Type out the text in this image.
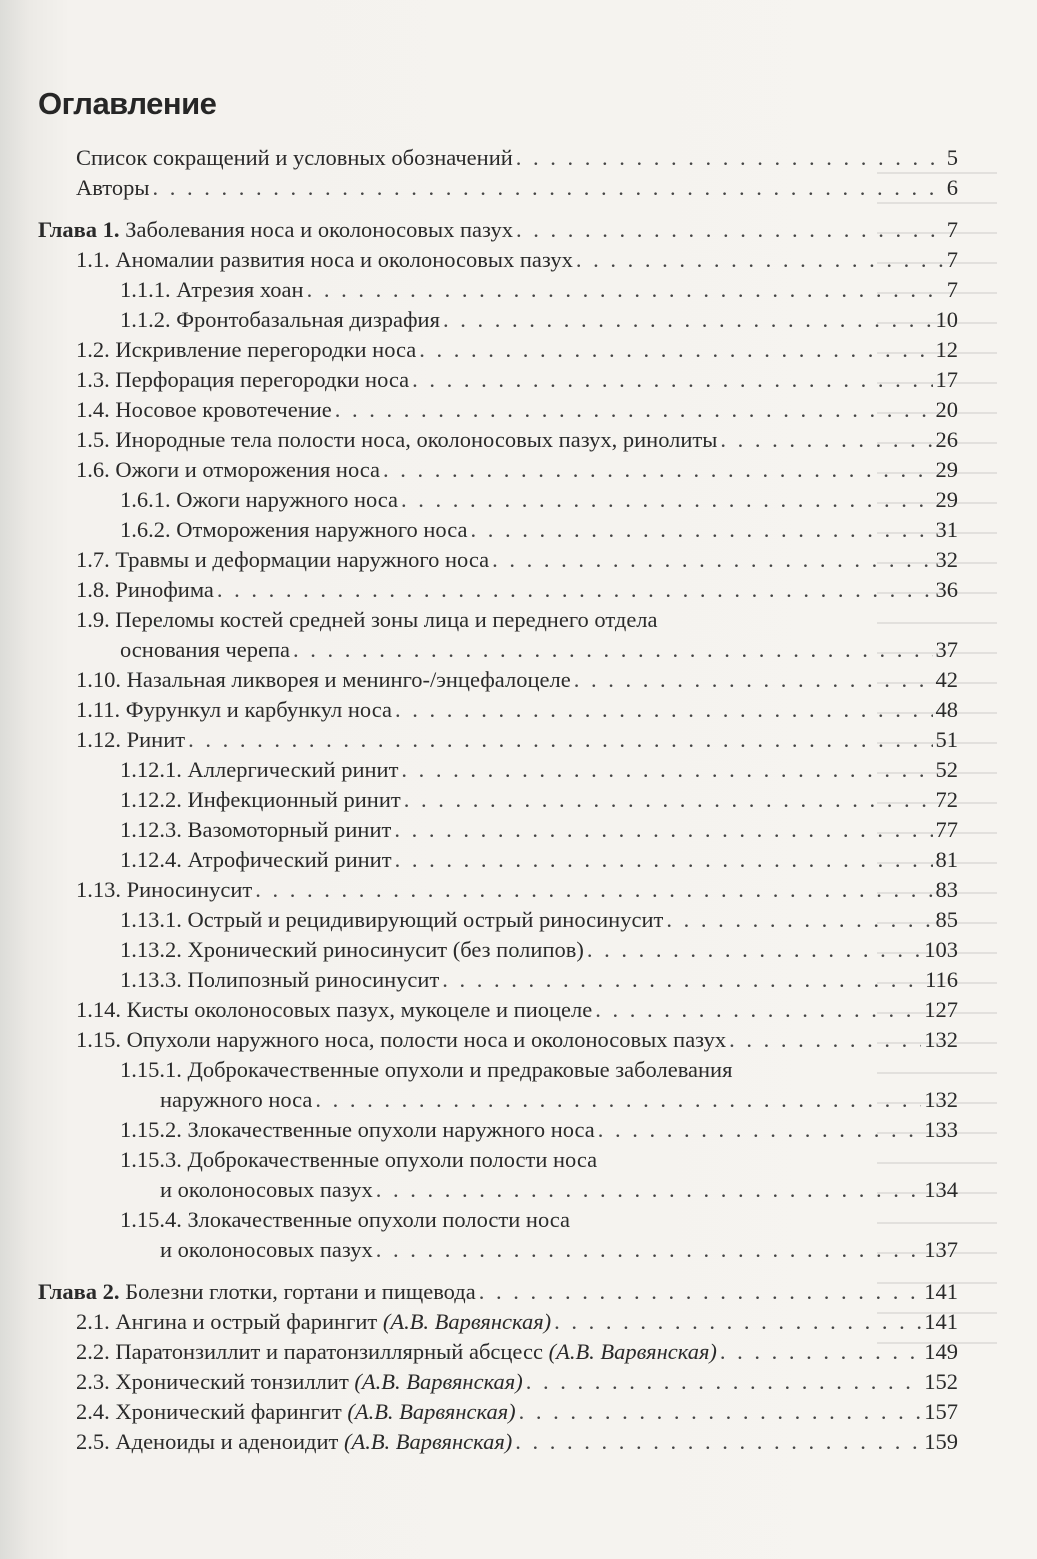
Оглавление
Список сокращений и условных обозначений . . .	5
Авторы . . .	6
Глава 1. Заболевания носа и околоносовых пазух . . .	7
1.1. Аномалии развития носа и околоносовых пазух . . .	7
1.1.1. Атрезия хоан . . .	7
1.1.2. Фронтобазальная дизрафия . . .	10
1.2. Искривление перегородки носа . . .	12
1.3. Перфорация перегородки носа . . .	17
1.4. Носовое кровотечение . . .	20
1.5. Инородные тела полости носа, околоносовых пазух, ринолиты . . .	26
1.6. Ожоги и отморожения носа . . .	29
1.6.1. Ожоги наружного носа . . .	29
1.6.2. Отморожения наружного носа . . .	31
1.7. Травмы и деформации наружного носа . . .	32
1.8. Ринофима . . .	36
1.9. Переломы костей средней зоны лица и переднего отдела
основания черепа . . .	37
1.10. Назальная ликворея и менинго-/энцефалоцеле . . .	42
1.11. Фурункул и карбункул носа . . .	48
1.12. Ринит . . .	51
1.12.1. Аллергический ринит . . .	52
1.12.2. Инфекционный ринит . . .	72
1.12.3. Вазомоторный ринит . . .	77
1.12.4. Атрофический ринит . . .	81
1.13. Риносинусит . . .	83
1.13.1. Острый и рецидивирующий острый риносинусит . . .	85
1.13.2. Хронический риносинусит (без полипов) . . .	103
1.13.3. Полипозный риносинусит . . .	116
1.14. Кисты околоносовых пазух, мукоцеле и пиоцеле . . .	127
1.15. Опухоли наружного носа, полости носа и околоносовых пазух . . .	132
1.15.1. Доброкачественные опухоли и предраковые заболевания
наружного носа . . .	132
1.15.2. Злокачественные опухоли наружного носа . . .	133
1.15.3. Доброкачественные опухоли полости носа
и околоносовых пазух . . .	134
1.15.4. Злокачественные опухоли полости носа
и околоносовых пазух . . .	137
Глава 2. Болезни глотки, гортани и пищевода . . .	141
2.1. Ангина и острый фарингит (А.В. Варвянская) . . .	141
2.2. Паратонзиллит и паратонзиллярный абсцесс (А.В. Варвянская) . . .	149
2.3. Хронический тонзиллит (А.В. Варвянская) . . .	152
2.4. Хронический фарингит (А.В. Варвянская) . . .	157
2.5. Аденоиды и аденоидит (А.В. Варвянская) . . .	159
